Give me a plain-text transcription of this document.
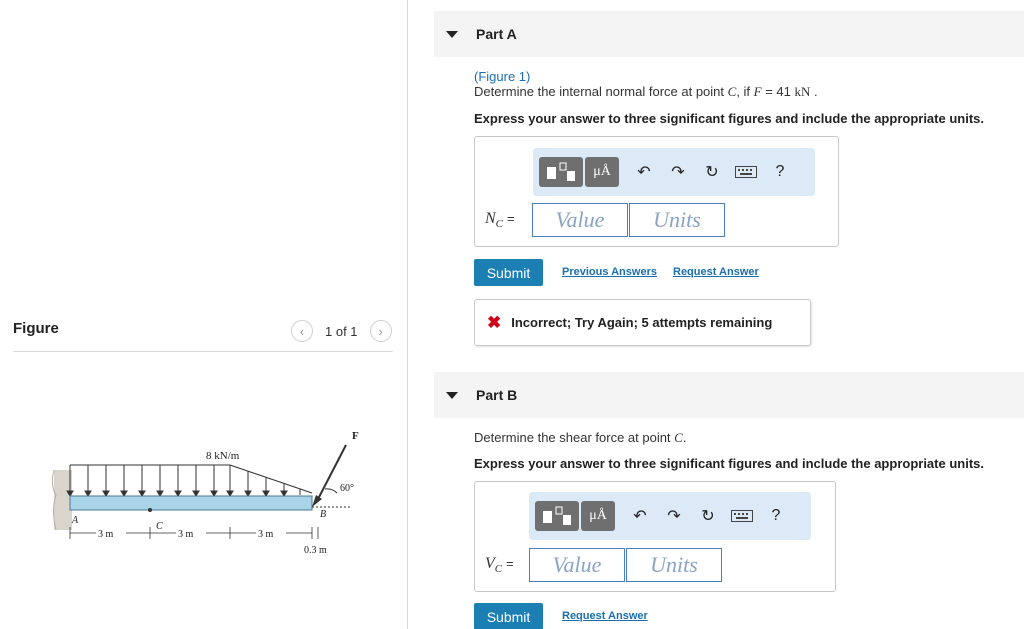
Figure	‹	1 of 1	›
F
8 kN/m
60°
A
B
C
3 m	3 m	3 m
0.3 m
Part A
(Figure 1)
Determine the internal normal force at point C, if F = 41 kN .
Express your answer to three significant figures and include the appropriate units.
μÅ	↶	↷	↻	?
$N_C$ =	Value	Units
Submit	Previous Answers Request Answer
✖ Incorrect; Try Again; 5 attempts remaining
Part B
Determine the shear force at point C.
Express your answer to three significant figures and include the appropriate units.
μÅ	↶	↷	↻	?
$V_C$ =	Value	Units
Submit	Request Answer
